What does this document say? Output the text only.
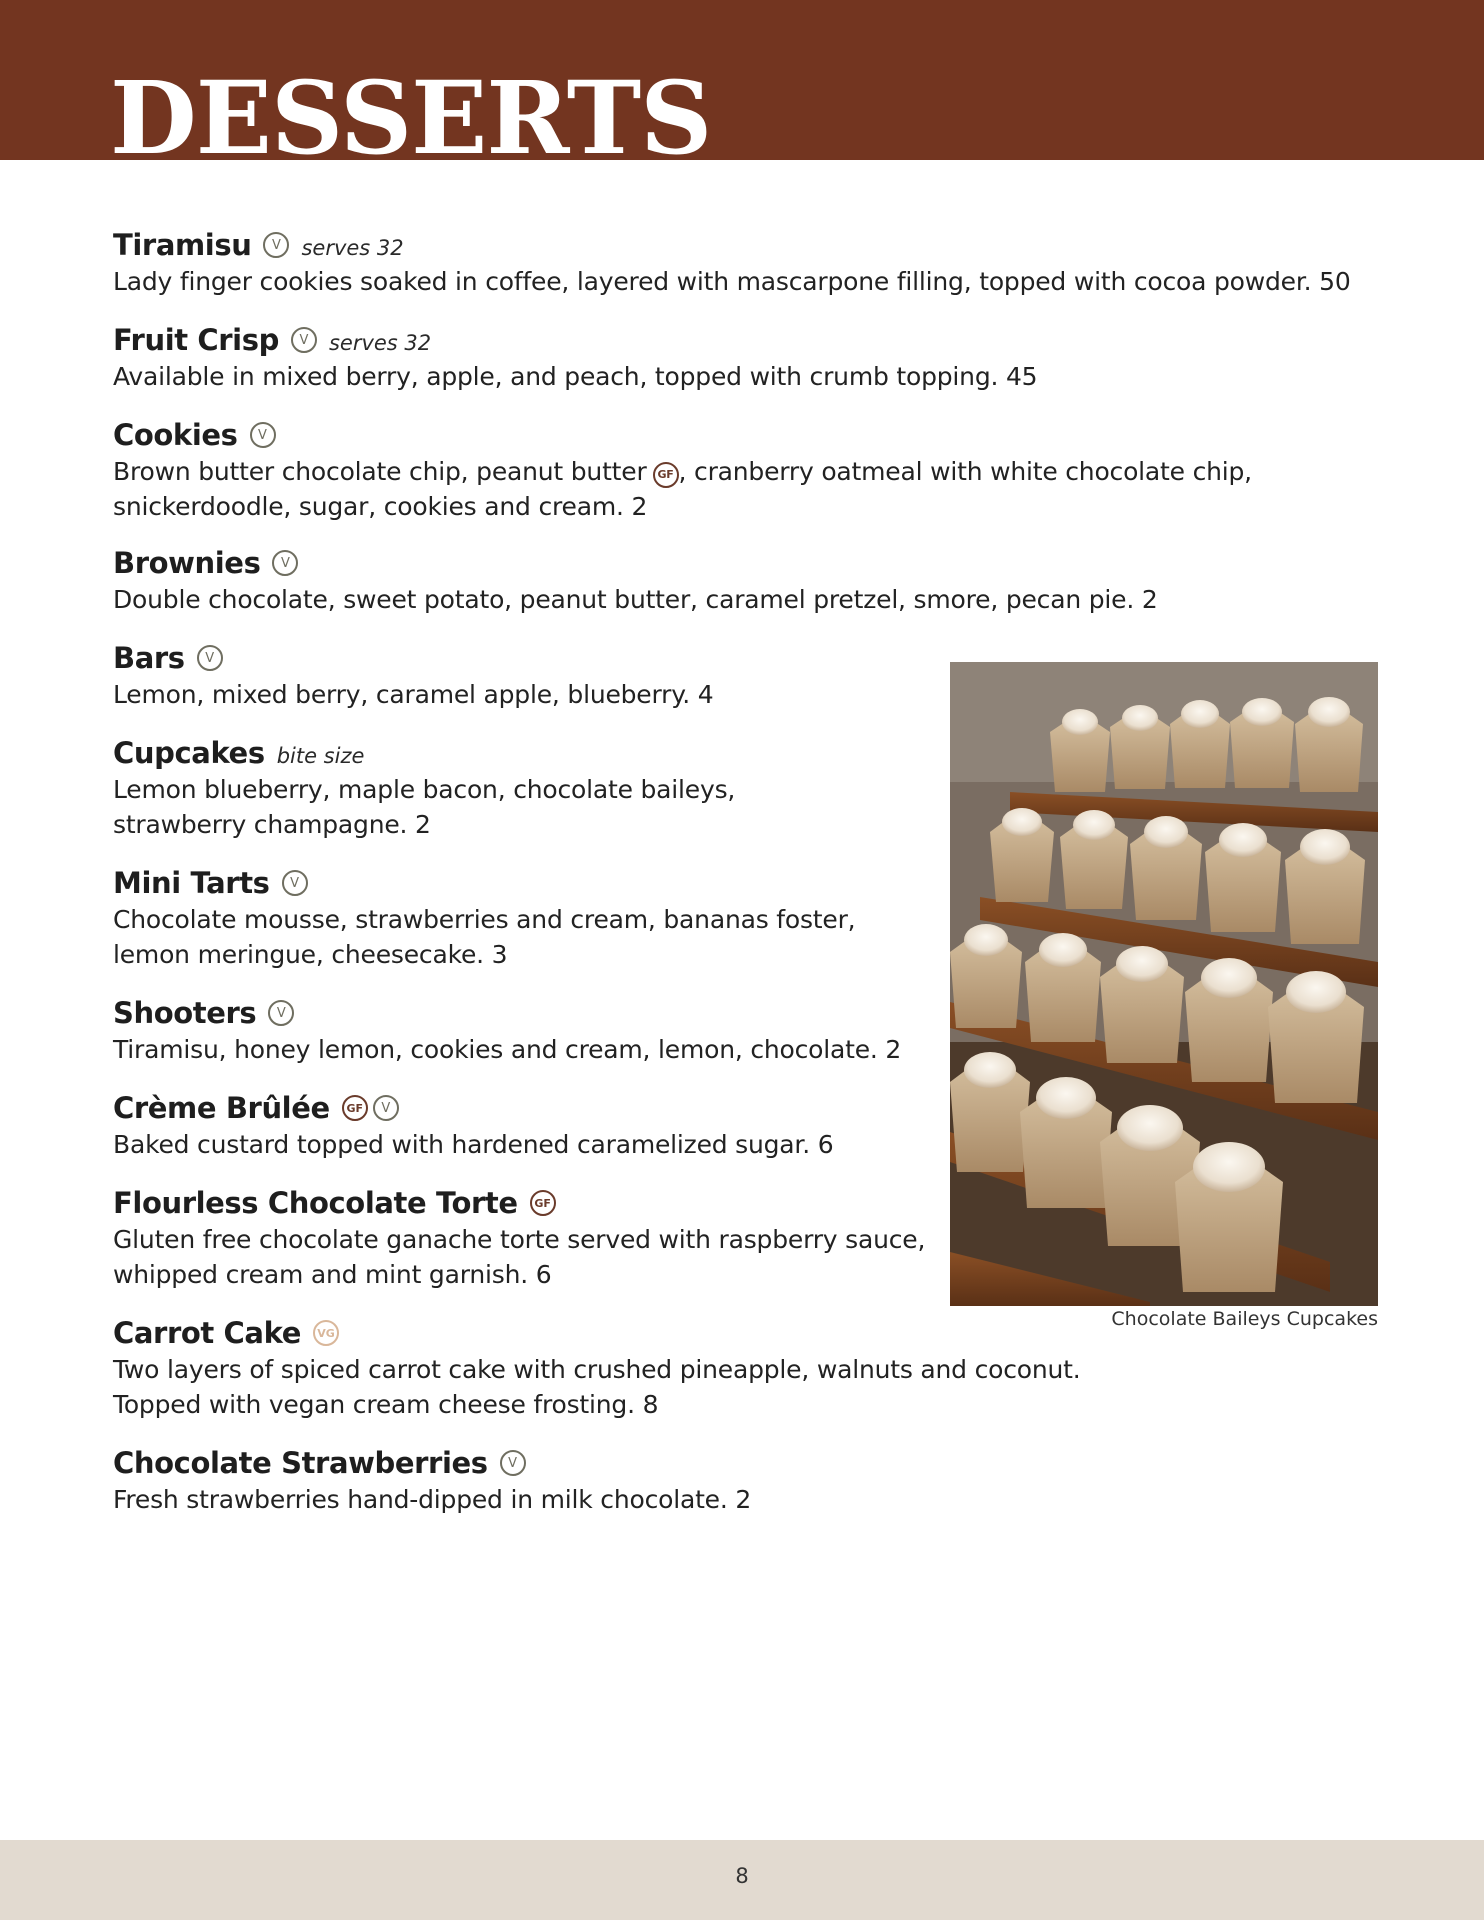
DESSERTS
Tiramisu	V serves 32
Lady finger cookies soaked in coffee, layered with mascarpone filling, topped with cocoa powder. 50
Fruit Crisp	V serves 32
Available in mixed berry, apple, and peach, topped with crumb topping. 45
Cookies	V
Brown butter chocolate chip, peanut butter GF , cranberry oatmeal with white chocolate chip, snickerdoodle, sugar, cookies and cream. 2
Brownies	V
Double chocolate, sweet potato, peanut butter, caramel pretzel, smore, pecan pie. 2
Bars	V
Lemon, mixed berry, caramel apple, blueberry. 4
Cupcakes bite size
Lemon blueberry, maple bacon, chocolate baileys,
strawberry champagne. 2
Mini Tarts	V
Chocolate mousse, strawberries and cream, bananas foster,
lemon meringue, cheesecake. 3
Shooters	V
Tiramisu, honey lemon, cookies and cream, lemon, chocolate. 2
Crème Brûlée	GF	V
Baked custard topped with hardened caramelized sugar. 6
Flourless Chocolate Torte	GF
Gluten free chocolate ganache torte served with raspberry sauce,
whipped cream and mint garnish. 6
Carrot Cake	VG
Two layers of spiced carrot cake with crushed pineapple, walnuts and coconut.
Topped with vegan cream cheese frosting. 8
Chocolate Strawberries	V
Fresh strawberries hand-dipped in milk chocolate. 2
Chocolate Baileys Cupcakes
8
